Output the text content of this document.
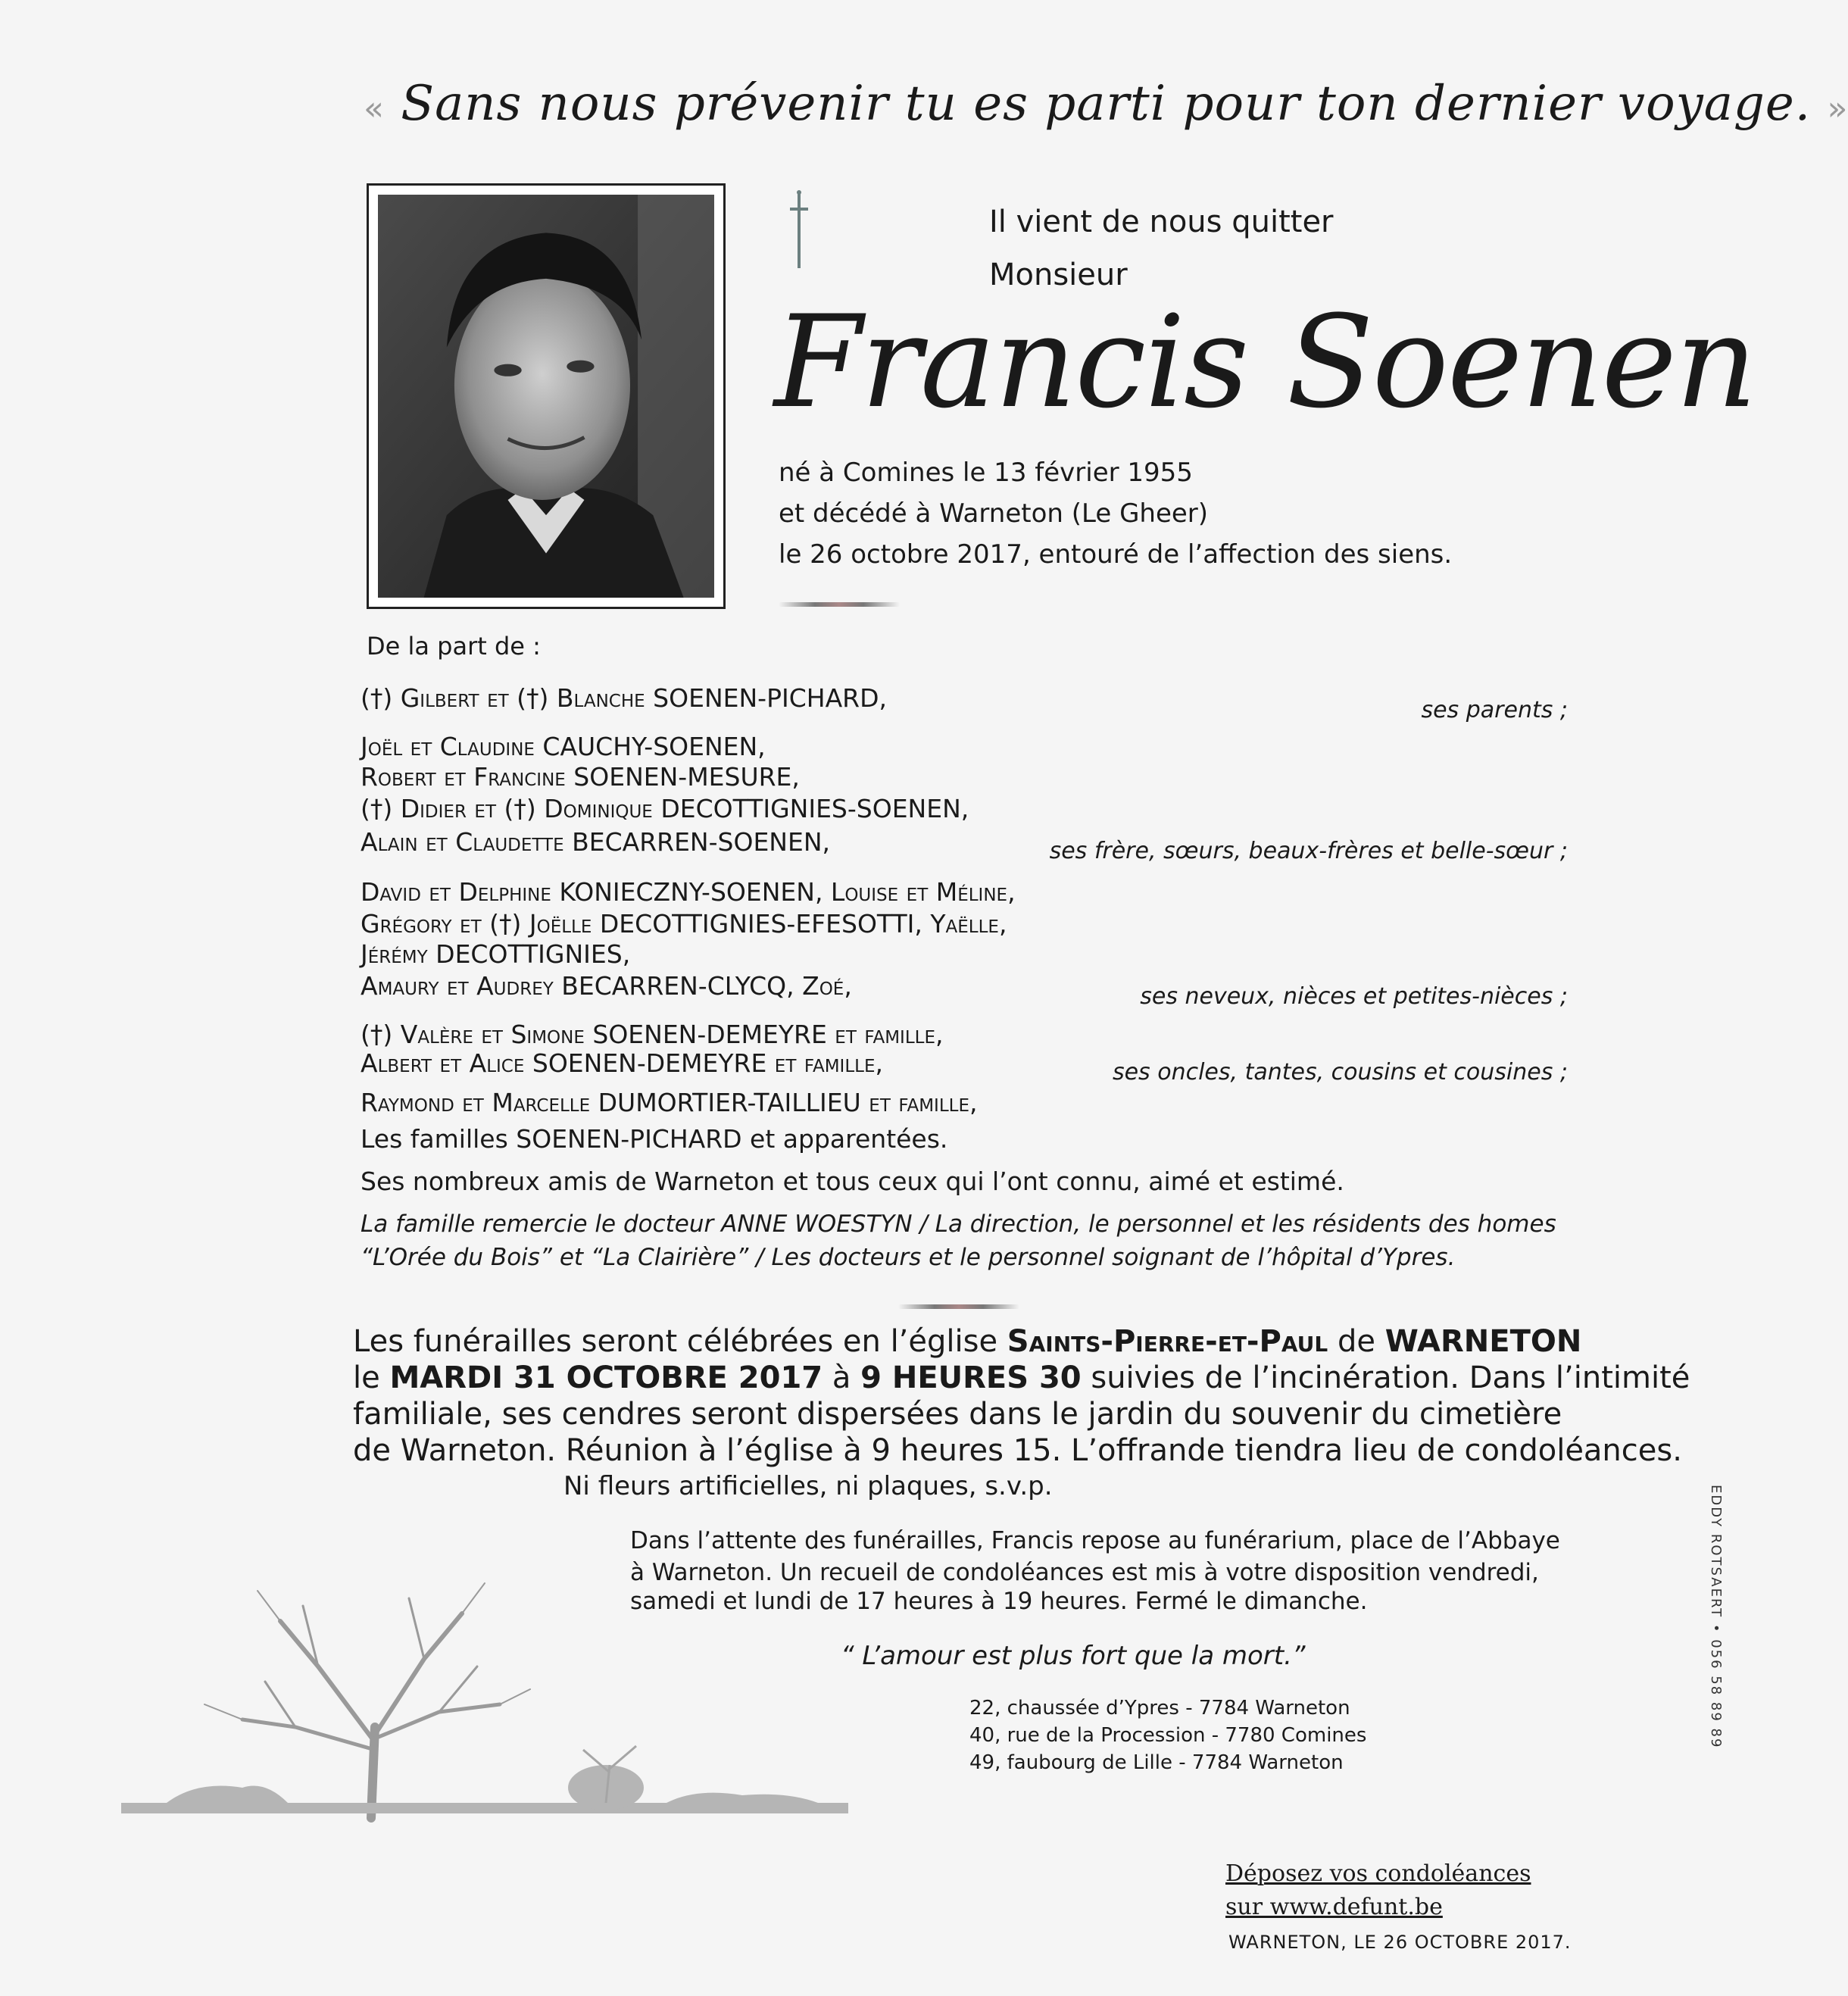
« Sans nous prévenir tu es parti pour ton dernier voyage. »
Il vient de nous quitter
Monsieur
Francis Soenen
né à Comines le 13 février 1955
et décédé à Warneton (Le Gheer)
le 26 octobre 2017, entouré de l’affection des siens.
De la part de :
(†) Gilbert et (†) Blanche SOENEN-PICHARD,	ses parents ;
Joël et Claudine CAUCHY-SOENEN,
Robert et Francine SOENEN-MESURE,
(†) Didier et (†) Dominique DECOTTIGNIES-SOENEN,
Alain et Claudette BECARREN-SOENEN,	ses frère, sœurs, beaux-frères et belle-sœur ;
David et Delphine KONIECZNY-SOENEN, Louise et Méline,
Grégory et (†) Joëlle DECOTTIGNIES-EFESOTTI, Yaëlle,
Jérémy DECOTTIGNIES,
Amaury et Audrey BECARREN-CLYCQ, Zoé,	ses neveux, nièces et petites-nièces ;
(†) Valère et Simone SOENEN-DEMEYRE et famille,
Albert et Alice SOENEN-DEMEYRE et famille,	ses oncles, tantes, cousins et cousines ;
Raymond et Marcelle DUMORTIER-TAILLIEU et famille,
Les familles SOENEN-PICHARD et apparentées.
Ses nombreux amis de Warneton et tous ceux qui l’ont connu, aimé et estimé.
La famille remercie le docteur ANNE WOESTYN / La direction, le personnel et les résidents des homes
“L’Orée du Bois” et “La Clairière” / Les docteurs et le personnel soignant de l’hôpital d’Ypres.
Les funérailles seront célébrées en l’église Saints-Pierre-et-Paul de WARNETON
le MARDI 31 OCTOBRE 2017 à 9 HEURES 30 suivies de l’incinération. Dans l’intimité
familiale, ses cendres seront dispersées dans le jardin du souvenir du cimetière
de Warneton. Réunion à l’église à 9 heures 15. L’offrande tiendra lieu de condoléances.
Ni fleurs artificielles, ni plaques, s.v.p.
Dans l’attente des funérailles, Francis repose au funérarium, place de l’Abbaye
à Warneton. Un recueil de condoléances est mis à votre disposition vendredi,
samedi et lundi de 17 heures à 19 heures. Fermé le dimanche.
“ L’amour est plus fort que la mort.”
22, chaussée d’Ypres - 7784 Warneton
40, rue de la Procession - 7780 Comines
49, faubourg de Lille - 7784 Warneton
Déposez vos condoléances
sur www.defunt.be
WARNETON, LE 26 OCTOBRE 2017.
EDDY ROTSAERT • 056 58 89 89
